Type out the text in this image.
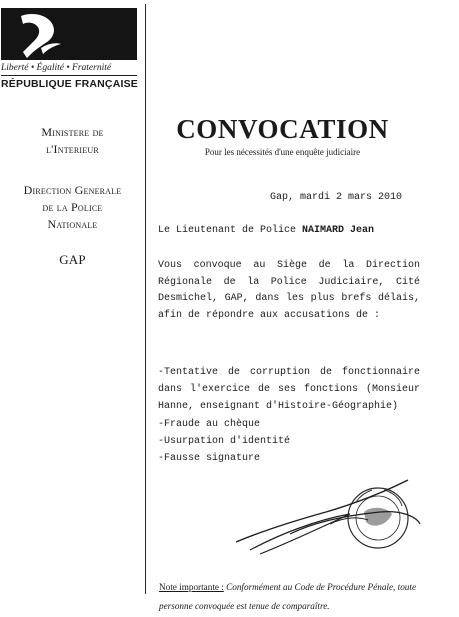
Liberté • Égalité • Fraternité
RÉPUBLIQUE FRANÇAISE
Ministere de
l'Interieur
Direction Generale
de la Police
Nationale
GAP
CONVOCATION
Pour les nécessités d'une enquête judiciaire
Gap, mardi 2 mars 2010
Le Lieutenant de Police NAIMARD Jean
Vous convoque au Siège de la Direction Régionale de la Police Judiciaire, Cité Desmichel, GAP, dans les plus brefs délais, afin de répondre aux accusations de :
-Tentative de corruption de fonctionnaire dans l'exercice de ses fonctions (Monsieur Hanne, enseignant d'Histoire-Géographie)
-Fraude au chèque
-Usurpation d'identité
-Fausse signature
Note importante : Conformément au Code de Procédure Pénale, toute personne convoquée est tenue de comparaître.
